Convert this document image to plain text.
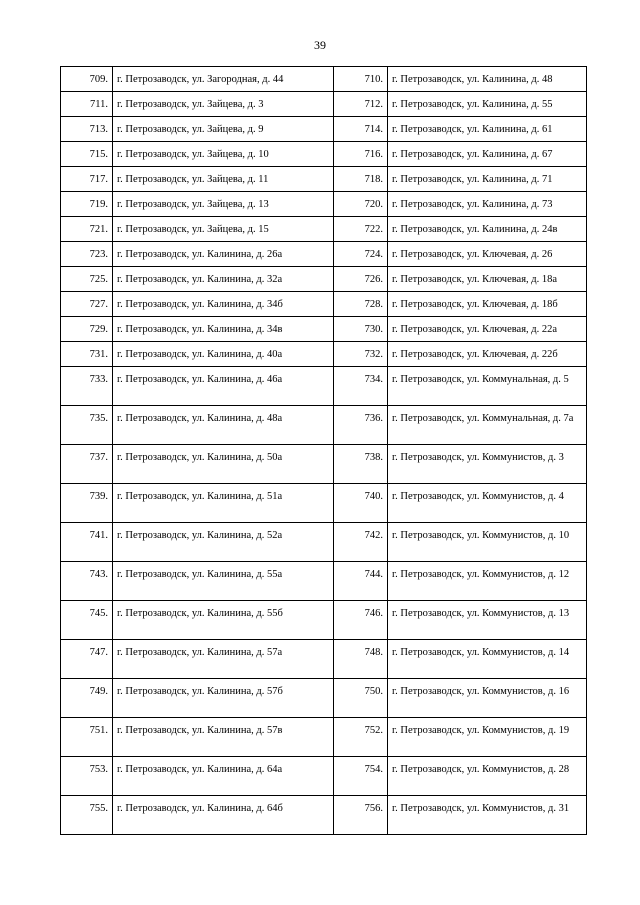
39
709.	г. Петрозаводск, ул. Загородная, д. 44	710.	г. Петрозаводск, ул. Калинина, д. 48
711.	г. Петрозаводск, ул. Зайцева, д. 3	712.	г. Петрозаводск, ул. Калинина, д. 55
713.	г. Петрозаводск, ул. Зайцева, д. 9	714.	г. Петрозаводск, ул. Калинина, д. 61
715.	г. Петрозаводск, ул. Зайцева, д. 10	716.	г. Петрозаводск, ул. Калинина, д. 67
717.	г. Петрозаводск, ул. Зайцева, д. 11	718.	г. Петрозаводск, ул. Калинина, д. 71
719.	г. Петрозаводск, ул. Зайцева, д. 13	720.	г. Петрозаводск, ул. Калинина, д. 73
721.	г. Петрозаводск, ул. Зайцева, д. 15	722.	г. Петрозаводск, ул. Калинина, д. 24в
723.	г. Петрозаводск, ул. Калинина, д. 26а	724.	г. Петрозаводск, ул. Ключевая, д. 26
725.	г. Петрозаводск, ул. Калинина, д. 32а	726.	г. Петрозаводск, ул. Ключевая, д. 18а
727.	г. Петрозаводск, ул. Калинина, д. 34б	728.	г. Петрозаводск, ул. Ключевая, д. 18б
729.	г. Петрозаводск, ул. Калинина, д. 34в	730.	г. Петрозаводск, ул. Ключевая, д. 22а
731.	г. Петрозаводск, ул. Калинина, д. 40а	732.	г. Петрозаводск, ул. Ключевая, д. 22б
733.	г. Петрозаводск, ул. Калинина, д. 46а	734.	г. Петрозаводск, ул. Коммунальная, д. 5
735.	г. Петрозаводск, ул. Калинина, д. 48а	736.	г. Петрозаводск, ул. Коммунальная, д. 7а
737.	г. Петрозаводск, ул. Калинина, д. 50а	738.	г. Петрозаводск, ул. Коммунистов, д. 3
739.	г. Петрозаводск, ул. Калинина, д. 51а	740.	г. Петрозаводск, ул. Коммунистов, д. 4
741.	г. Петрозаводск, ул. Калинина, д. 52а	742.	г. Петрозаводск, ул. Коммунистов, д. 10
743.	г. Петрозаводск, ул. Калинина, д. 55а	744.	г. Петрозаводск, ул. Коммунистов, д. 12
745.	г. Петрозаводск, ул. Калинина, д. 55б	746.	г. Петрозаводск, ул. Коммунистов, д. 13
747.	г. Петрозаводск, ул. Калинина, д. 57а	748.	г. Петрозаводск, ул. Коммунистов, д. 14
749.	г. Петрозаводск, ул. Калинина, д. 57б	750.	г. Петрозаводск, ул. Коммунистов, д. 16
751.	г. Петрозаводск, ул. Калинина, д. 57в	752.	г. Петрозаводск, ул. Коммунистов, д. 19
753.	г. Петрозаводск, ул. Калинина, д. 64а	754.	г. Петрозаводск, ул. Коммунистов, д. 28
755.	г. Петрозаводск, ул. Калинина, д. 64б	756.	г. Петрозаводск, ул. Коммунистов, д. 31
